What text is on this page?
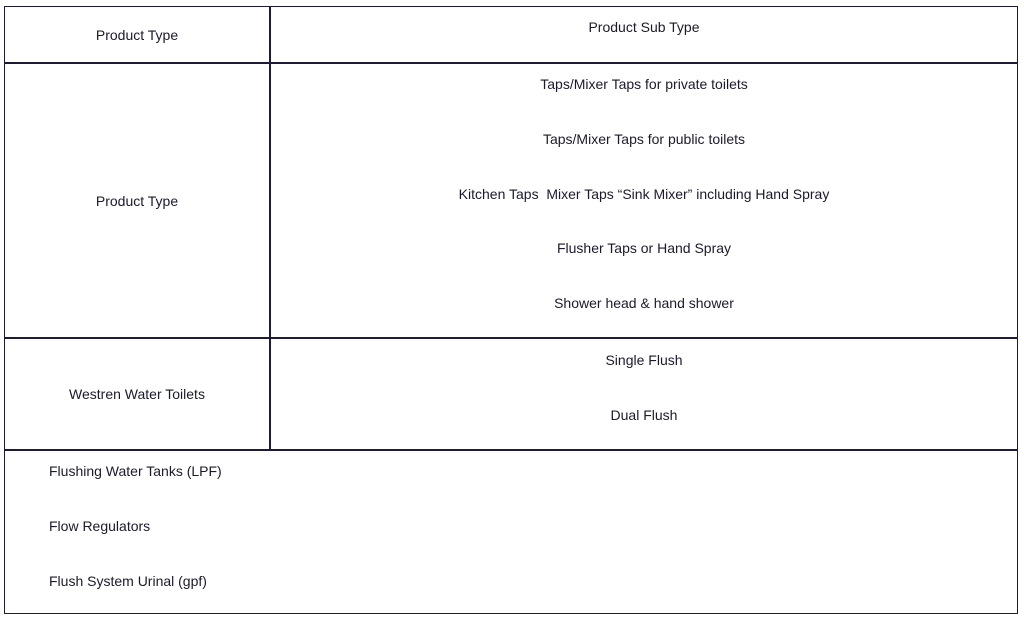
Product Type	Product Sub Type
Product Type
Taps/Mixer Taps for private toilets
Taps/Mixer Taps for public toilets
Kitchen Taps  Mixer Taps “Sink Mixer” including Hand Spray
Flusher Taps or Hand Spray
Shower head & hand shower
Westren Water Toilets
Single Flush
Dual Flush
Flushing Water Tanks (LPF)
Flow Regulators
Flush System Urinal (gpf)
